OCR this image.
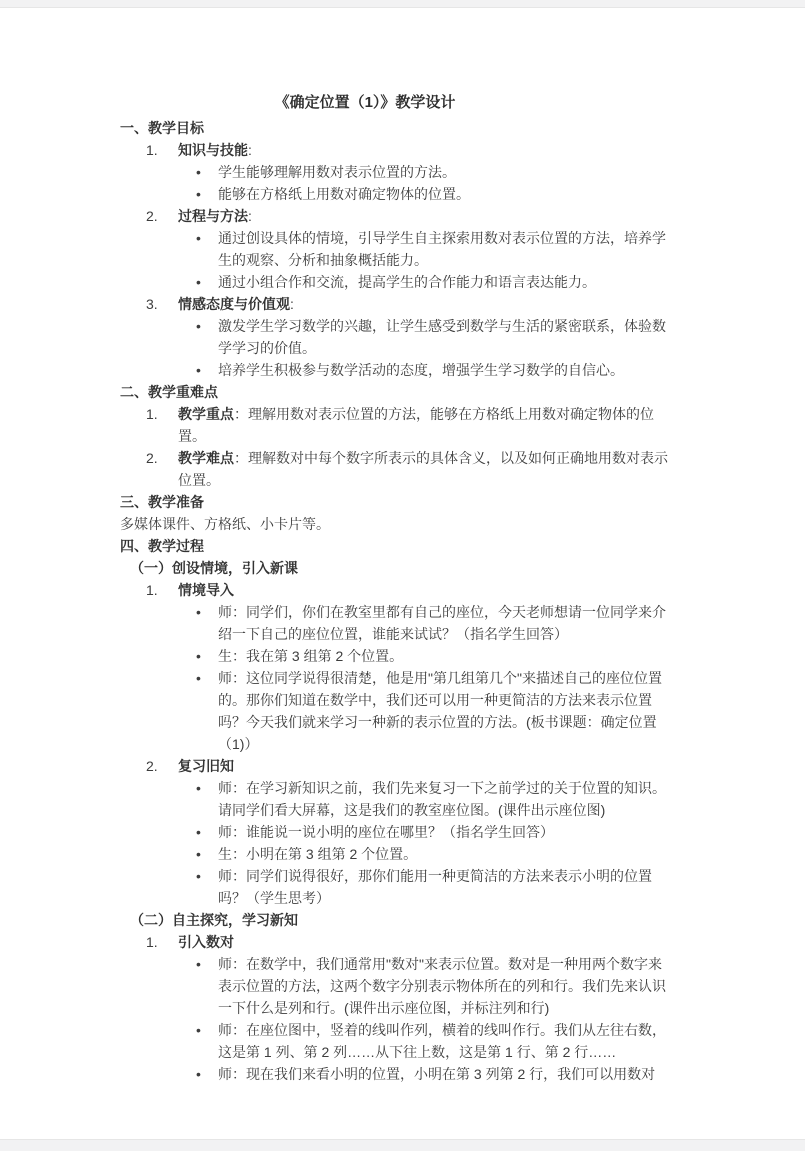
《确定位置（1）》教学设计
一、教学目标
1. 知识与技能:
• 学生能够理解用数对表示位置的方法。
• 能够在方格纸上用数对确定物体的位置。
2. 过程与方法:
• 通过创设具体的情境，引导学生自主探索用数对表示位置的方法，培养学生的观察、分析和抽象概括能力。
• 通过小组合作和交流，提高学生的合作能力和语言表达能力。
3. 情感态度与价值观:
• 激发学生学习数学的兴趣，让学生感受到数学与生活的紧密联系，体验数学学习的价值。
• 培养学生积极参与数学活动的态度，增强学生学习数学的自信心。
二、教学重难点
1. 教学重点：理解用数对表示位置的方法，能够在方格纸上用数对确定物体的位置。
2. 教学难点：理解数对中每个数字所表示的具体含义，以及如何正确地用数对表示位置。
三、教学准备
多媒体课件、方格纸、小卡片等。
四、教学过程
（一）创设情境，引入新课
1. 情境导入
• 师：同学们，你们在教室里都有自己的座位，今天老师想请一位同学来介绍一下自己的座位位置，谁能来试试？（指名学生回答）
• 生：我在第 3 组第 2 个位置。
• 师：这位同学说得很清楚，他是用"第几组第几个"来描述自己的座位位置的。那你们知道在数学中，我们还可以用一种更简洁的方法来表示位置吗？今天我们就来学习一种新的表示位置的方法。(板书课题：确定位置（1)）
2. 复习旧知
• 师：在学习新知识之前，我们先来复习一下之前学过的关于位置的知识。请同学们看大屏幕，这是我们的教室座位图。(课件出示座位图)
• 师：谁能说一说小明的座位在哪里？（指名学生回答）
• 生：小明在第 3 组第 2 个位置。
• 师：同学们说得很好，那你们能用一种更简洁的方法来表示小明的位置吗？（学生思考）
（二）自主探究，学习新知
1. 引入数对
• 师：在数学中，我们通常用"数对"来表示位置。数对是一种用两个数字来表示位置的方法，这两个数字分别表示物体所在的列和行。我们先来认识一下什么是列和行。(课件出示座位图，并标注列和行)
• 师：在座位图中，竖着的线叫作列，横着的线叫作行。我们从左往右数，这是第 1 列、第 2 列……从下往上数，这是第 1 行、第 2 行……
• 师：现在我们来看小明的位置，小明在第 3 列第 2 行，我们可以用数对
